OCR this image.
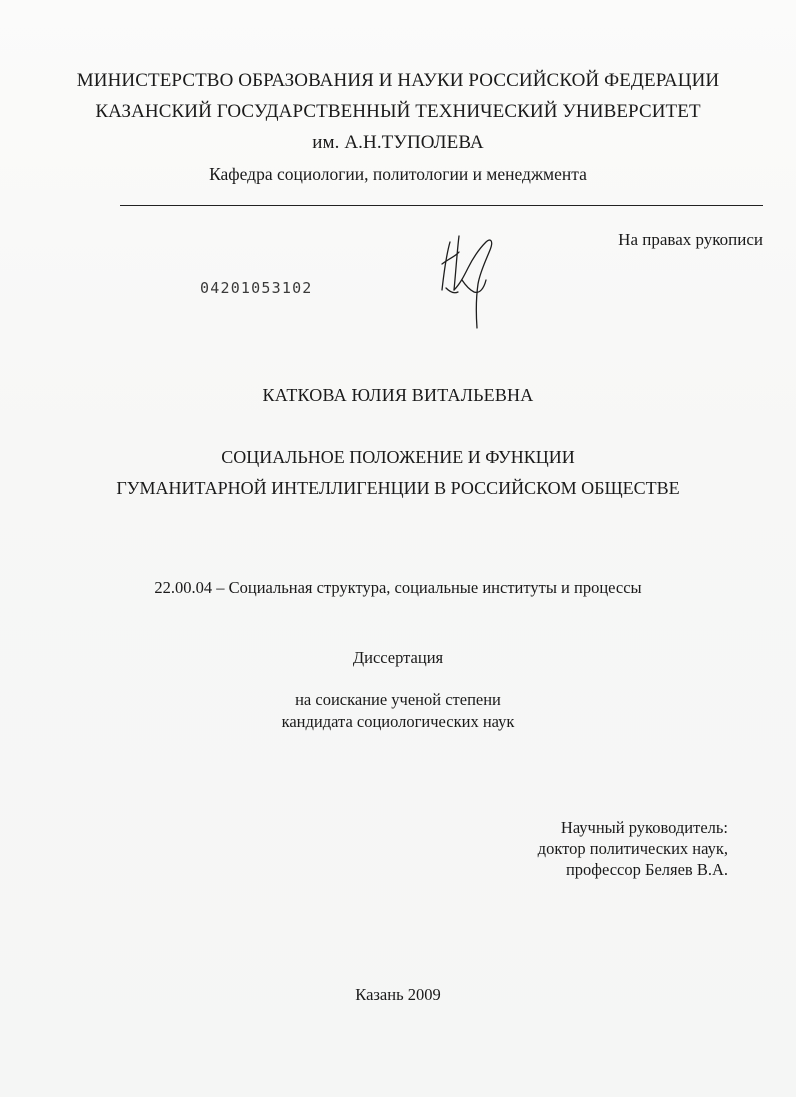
МИНИСТЕРСТВО ОБРАЗОВАНИЯ И НАУКИ РОССИЙСКОЙ ФЕДЕРАЦИИ

КАЗАНСКИЙ ГОСУДАРСТВЕННЫЙ ТЕХНИЧЕСКИЙ УНИВЕРСИТЕТ

им. А.Н.ТУПОЛЕВА

Кафедра социологии, политологии и менеджмента

На правах рукописи

04201053102

КАТКОВА ЮЛИЯ ВИТАЛЬЕВНА

СОЦИАЛЬНОЕ ПОЛОЖЕНИЕ И ФУНКЦИИ

ГУМАНИТАРНОЙ ИНТЕЛЛИГЕНЦИИ В РОССИЙСКОМ ОБЩЕСТВЕ

22.00.04 – Социальная структура, социальные институты и процессы

Диссертация

на соискание ученой степени

кандидата социологических наук

Научный руководитель:

доктор политических наук,

профессор Беляев В.А.

Казань 2009
